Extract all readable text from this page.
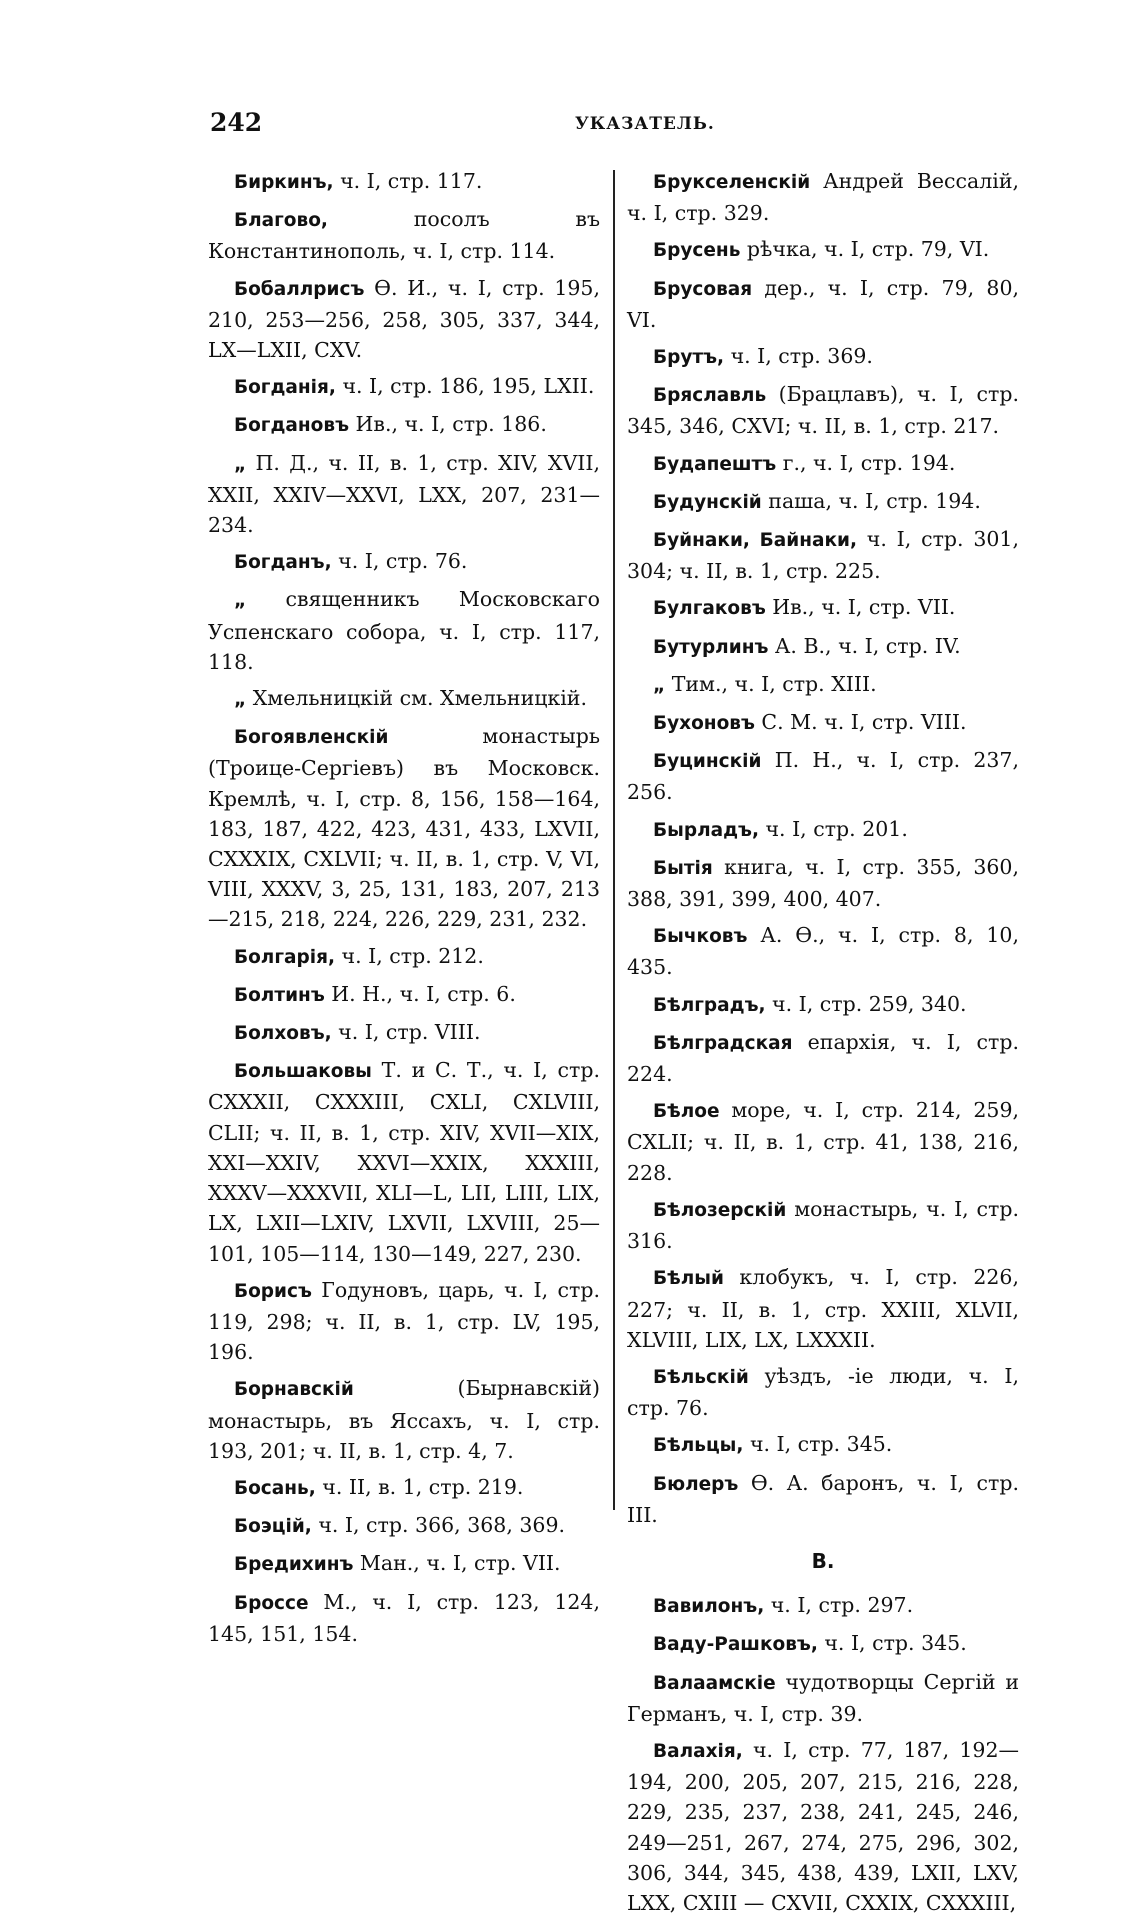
242	УКАЗАТЕЛЬ.

Биркинъ, ч. I, стр. 117.

Благово, посолъ въ Константинополь, ч. I, стр. 114.

Бобаллрисъ Ѳ. И., ч. I, стр. 195, 210, 253—256, 258, 305, 337, 344, LX—LXII, CXV.

Богданія, ч. I, стр. 186, 195, LXII.

Богдановъ Ив., ч. I, стр. 186.

„ П. Д., ч. II, в. 1, стр. XIV, XVII, XXII, XXIV—XXVI, LXX, 207, 231—234.

Богданъ, ч. I, стр. 76.

„ священникъ Московскаго Успенскаго собора, ч. I, стр. 117, 118.

„ Хмельницкій см. Хмельницкій.

Богоявленскій монастырь (Троице-Сергіевъ) въ Московск. Кремлѣ, ч. I, стр. 8, 156, 158—164, 183, 187, 422, 423, 431, 433, LXVII, CXXXIX, CXLVII; ч. II, в. 1, стр. V, VI, VIII, XXXV, 3, 25, 131, 183, 207, 213—215, 218, 224, 226, 229, 231, 232.

Болгарія, ч. I, стр. 212.

Болтинъ И. Н., ч. I, стр. 6.

Болховъ, ч. I, стр. VIII.

Большаковы Т. и С. Т., ч. I, стр. CXXXII, CXXXIII, CXLI, CXLVIII, CLII; ч. II, в. 1, стр. XIV, XVII—XIX, XXI—XXIV, XXVI—XXIX, XXXIII, XXXV—XXXVII, XLI—L, LII, LIII, LIX, LX, LXII—LXIV, LXVII, LXVIII, 25—101, 105—114, 130—149, 227, 230.

Борисъ Годуновъ, царь, ч. I, стр. 119, 298; ч. II, в. 1, стр. LV, 195, 196.

Борнавскій (Бырнавскій) монастырь, въ Яссахъ, ч. I, стр. 193, 201; ч. II, в. 1, стр. 4, 7.

Босань, ч. II, в. 1, стр. 219.

Боэцій, ч. I, стр. 366, 368, 369.

Бредихинъ Ман., ч. I, стр. VII.

Броссе М., ч. I, стр. 123, 124, 145, 151, 154.

Брукселенскій Андрей Вессалій, ч. I, стр. 329.

Брусень рѣчка, ч. I, стр. 79, VI.

Брусовая дер., ч. I, стр. 79, 80, VI.

Брутъ, ч. I, стр. 369.

Бряславль (Брацлавъ), ч. I, стр. 345, 346, CXVI; ч. II, в. 1, стр. 217.

Будапештъ г., ч. I, стр. 194.

Будунскій паша, ч. I, стр. 194.

Буйнаки, Байнаки, ч. I, стр. 301, 304; ч. II, в. 1, стр. 225.

Булгаковъ Ив., ч. I, стр. VII.

Бутурлинъ А. В., ч. I, стр. IV.

„ Тим., ч. I, стр. XIII.

Бухоновъ С. М. ч. I, стр. VIII.

Буцинскій П. Н., ч. I, стр. 237, 256.

Бырладъ, ч. I, стр. 201.

Бытія книга, ч. I, стр. 355, 360, 388, 391, 399, 400, 407.

Бычковъ А. Ѳ., ч. I, стр. 8, 10, 435.

Бѣлградъ, ч. I, стр. 259, 340.

Бѣлградская епархія, ч. I, стр. 224.

Бѣлое море, ч. I, стр. 214, 259, CXLII; ч. II, в. 1, стр. 41, 138, 216, 228.

Бѣлозерскій монастырь, ч. I, стр. 316.

Бѣлый клобукъ, ч. I, стр. 226, 227; ч. II, в. 1, стр. XXIII, XLVII, XLVIII, LIX, LX, LXXXII.

Бѣльскій уѣздъ, -іе люди, ч. I, стр. 76.

Бѣльцы, ч. I, стр. 345.

Бюлеръ Ѳ. А. баронъ, ч. I, стр. III.

В.

Вавилонъ, ч. I, стр. 297.

Ваду-Рашковъ, ч. I, стр. 345.

Валаамскіе чудотворцы Сергій и Германъ, ч. I, стр. 39.

Валахія, ч. I, стр. 77, 187, 192—194, 200, 205, 207, 215, 216, 228, 229, 235, 237, 238, 241, 245, 246, 249—251, 267, 274, 275, 296, 302, 306, 344, 345, 438, 439, LXII, LXV, LXX, CXIII — CXVII, CXXIX, CXXXIII,
